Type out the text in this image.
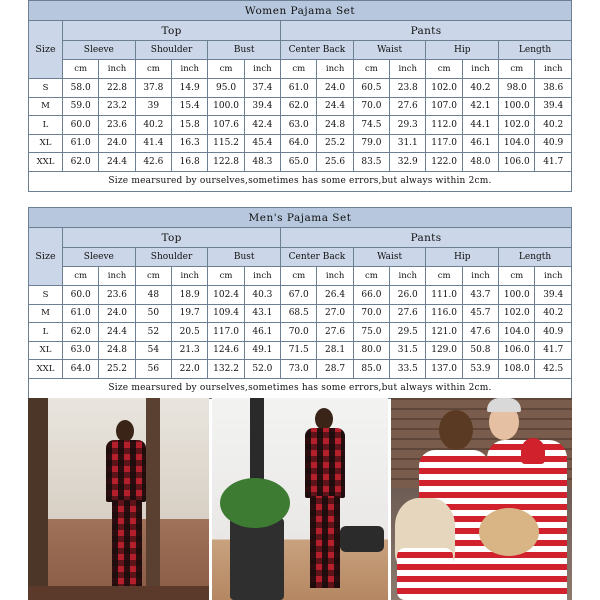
Women Pajama Set														
Size	Top						Pants							
	Sleeve		Shoulder		Bust		Center Back		Waist		Hip		Length	
	cm	inch	cm	inch	cm	inch	cm	inch	cm	inch	cm	inch	cm	inch
S	58.0	22.8	37.8	14.9	95.0	37.4	61.0	24.0	60.5	23.8	102.0	40.2	98.0	38.6
M	59.0	23.2	39	15.4	100.0	39.4	62.0	24.4	70.0	27.6	107.0	42.1	100.0	39.4
L	60.0	23.6	40.2	15.8	107.6	42.4	63.0	24.8	74.5	29.3	112.0	44.1	102.0	40.2
XL	61.0	24.0	41.4	16.3	115.2	45.4	64.0	25.2	79.0	31.1	117.0	46.1	104.0	40.9
XXL	62.0	24.4	42.6	16.8	122.8	48.3	65.0	25.6	83.5	32.9	122.0	48.0	106.0	41.7
Size mearsured by ourselves,sometimes has some errors,but always within 2cm.														
Men's Pajama Set														
Size	Top						Pants							
	Sleeve		Shoulder		Bust		Center Back		Waist		Hip		Length	
	cm	inch	cm	inch	cm	inch	cm	inch	cm	inch	cm	inch	cm	inch
S	60.0	23.6	48	18.9	102.4	40.3	67.0	26.4	66.0	26.0	111.0	43.7	100.0	39.4
M	61.0	24.0	50	19.7	109.4	43.1	68.5	27.0	70.0	27.6	116.0	45.7	102.0	40.2
L	62.0	24.4	52	20.5	117.0	46.1	70.0	27.6	75.0	29.5	121.0	47.6	104.0	40.9
XL	63.0	24.8	54	21.3	124.6	49.1	71.5	28.1	80.0	31.5	129.0	50.8	106.0	41.7
XXL	64.0	25.2	56	22.0	132.2	52.0	73.0	28.7	85.0	33.5	137.0	53.9	108.0	42.5
Size mearsured by ourselves,sometimes has some errors,but always within 2cm.														
